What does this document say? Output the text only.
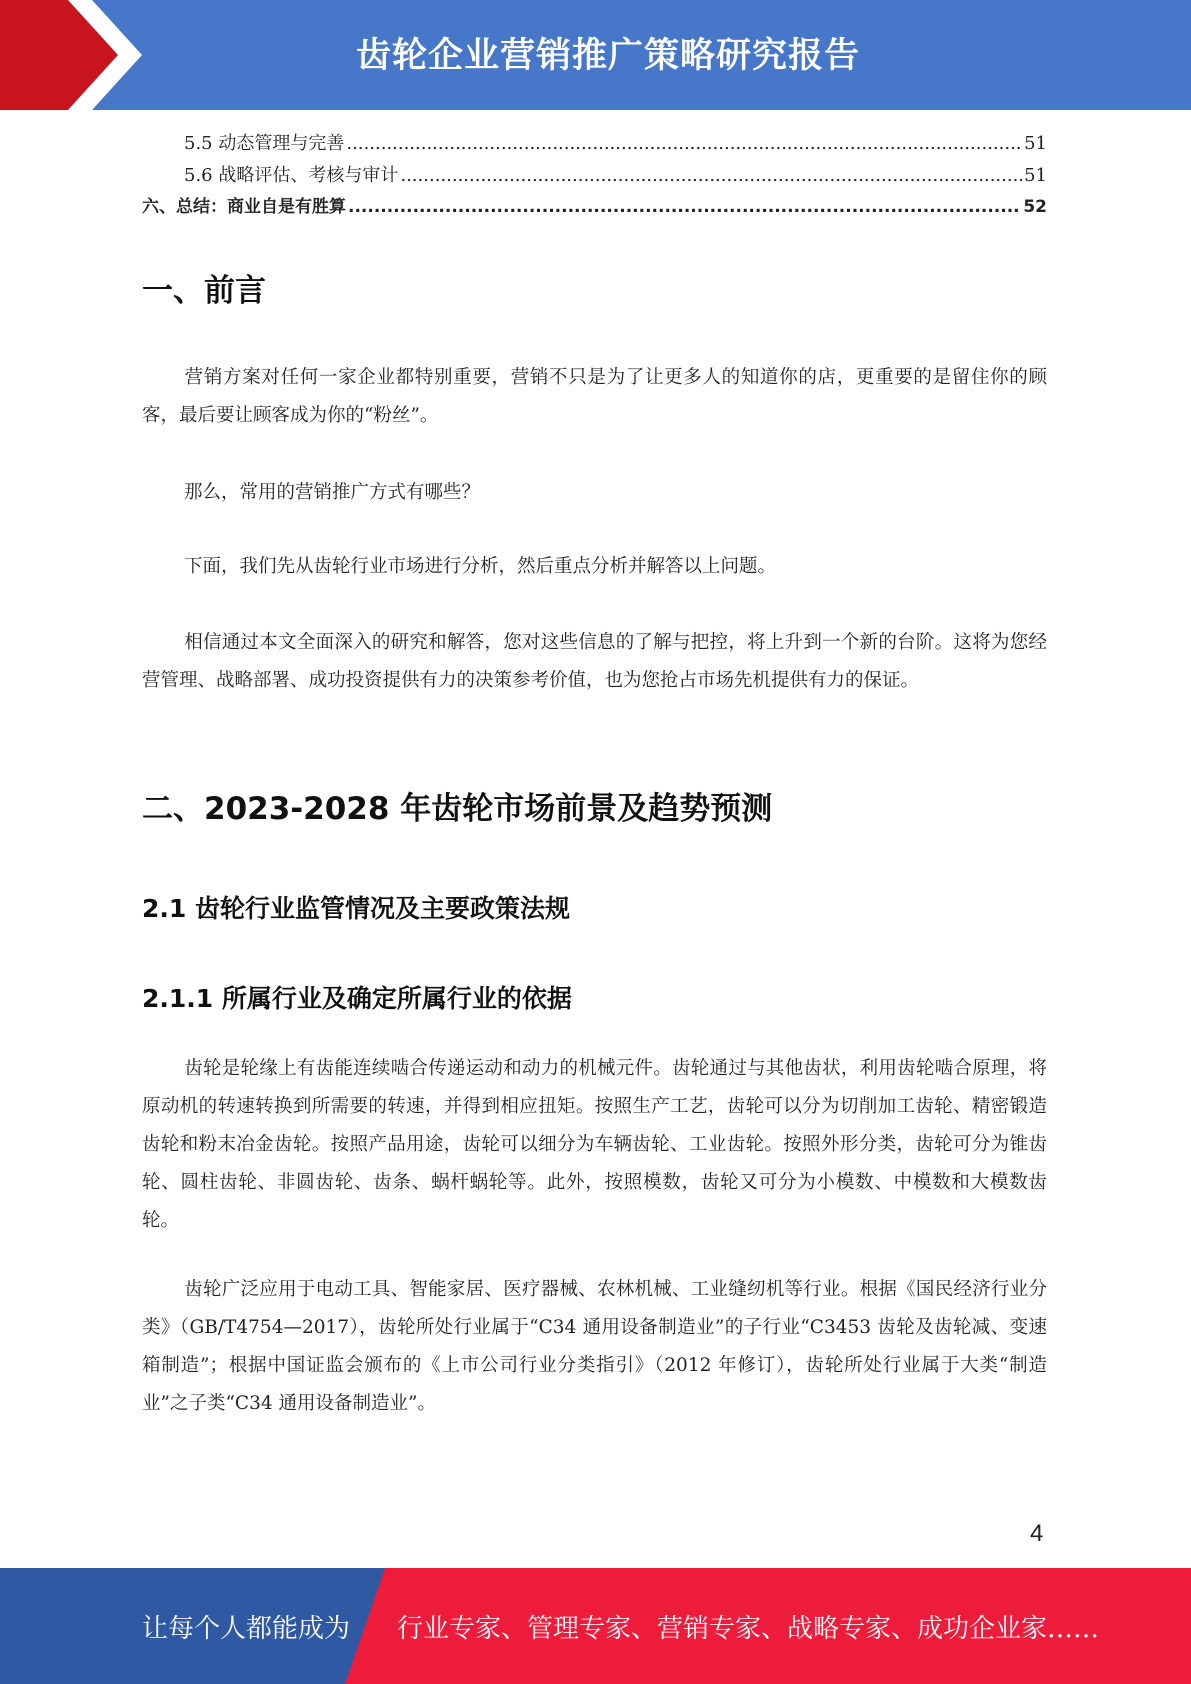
齿轮企业营销推广策略研究报告
5.5 动态管理与完善 .....	51
5.6 战略评估、考核与审计 .....	51
六、总结：商业自是有胜算 .....	52
一、前言

营销方案对任何一家企业都特别重要，营销不只是为了让更多人的知道你的店，更重要的是留住你的顾客，最后要让顾客成为你的“粉丝”。

那么，常用的营销推广方式有哪些？

下面，我们先从齿轮行业市场进行分析，然后重点分析并解答以上问题。

相信通过本文全面深入的研究和解答，您对这些信息的了解与把控，将上升到一个新的台阶。这将为您经营管理、战略部署、成功投资提供有力的决策参考价值，也为您抢占市场先机提供有力的保证。

二、2023-2028 年齿轮市场前景及趋势预测
2.1 齿轮行业监管情况及主要政策法规
2.1.1 所属行业及确定所属行业的依据

齿轮是轮缘上有齿能连续啮合传递运动和动力的机械元件。齿轮通过与其他齿状，利用齿轮啮合原理，将原动机的转速转换到所需要的转速，并得到相应扭矩。按照生产工艺，齿轮可以分为切削加工齿轮、精密锻造齿轮和粉末冶金齿轮。按照产品用途，齿轮可以细分为车辆齿轮、工业齿轮。按照外形分类，齿轮可分为锥齿轮、圆柱齿轮、非圆齿轮、齿条、蜗杆蜗轮等。此外，按照模数，齿轮又可分为小模数、中模数和大模数齿轮。

齿轮广泛应用于电动工具、智能家居、医疗器械、农林机械、工业缝纫机等行业。根据《国民经济行业分类》（GB/T4754—2017），齿轮所处行业属于“C34 通用设备制造业”的子行业“C3453 齿轮及齿轮减、变速箱制造”；根据中国证监会颁布的《上市公司行业分类指引》（2012 年修订），齿轮所处行业属于大类“制造业”之子类“C34 通用设备制造业”。

4
让每个人都能成为 行业专家、管理专家、营销专家、战略专家、成功企业家……
